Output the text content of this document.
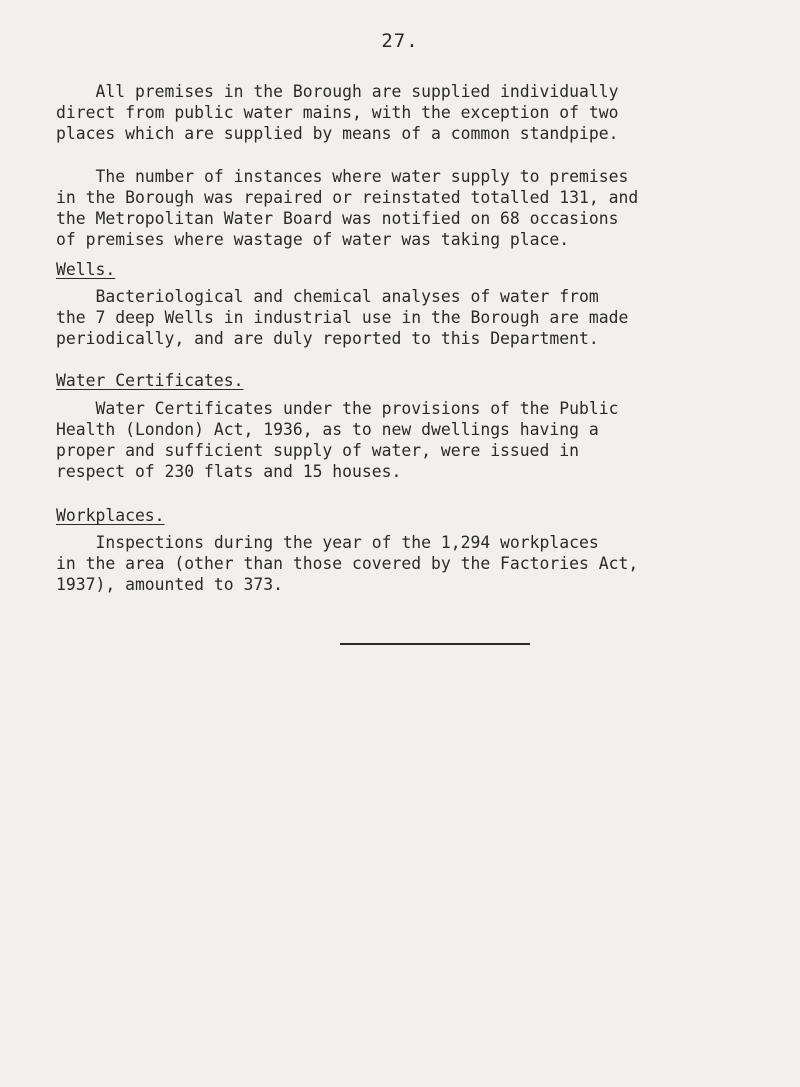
27.

All premises in the Borough are supplied individually
direct from public water mains, with the exception of two
places which are supplied by means of a common standpipe.

The number of instances where water supply to premises
in the Borough was repaired or reinstated totalled 131, and
the Metropolitan Water Board was notified on 68 occasions
of premises where wastage of water was taking place.

Wells.

Bacteriological and chemical analyses of water from
the 7 deep Wells in industrial use in the Borough are made
periodically, and are duly reported to this Department.

Water Certificates.

Water Certificates under the provisions of the Public
Health (London) Act, 1936, as to new dwellings having a
proper and sufficient supply of water, were issued in
respect of 230 flats and 15 houses.

Workplaces.

Inspections during the year of the 1,294 workplaces
in the area (other than those covered by the Factories Act,
1937), amounted to 373.
